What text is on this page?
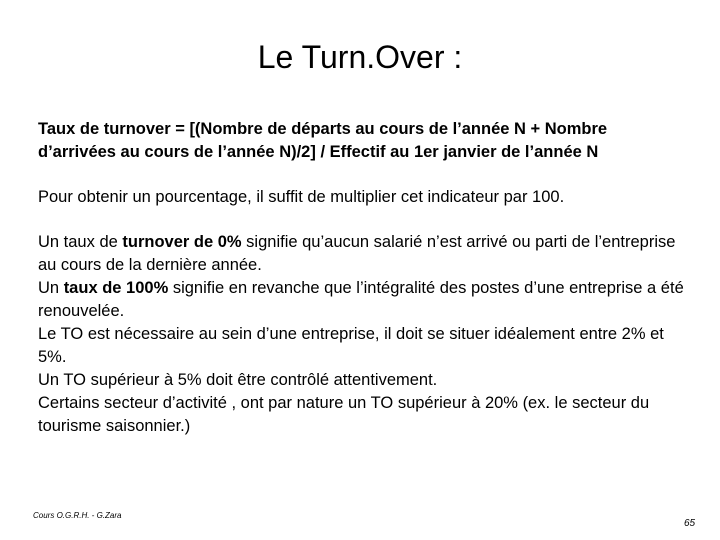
Le Turn.Over :

Taux de turnover = [(Nombre de départs au cours de l’année N + Nombre d’arrivées au cours de l’année N)/2] / Effectif au 1er janvier de l’année N

Pour obtenir un pourcentage, il suffit de multiplier cet indicateur par 100.

Un taux de turnover de 0% signifie qu’aucun salarié n’est arrivé ou parti de l’entreprise au cours de la dernière année.

Un taux de 100% signifie en revanche que l’intégralité des postes d’une entreprise a été renouvelée.

Le TO est nécessaire au sein d’une entreprise, il doit se situer idéalement entre 2% et 5%.

Un TO supérieur à 5% doit être contrôlé attentivement.

Certains secteur d’activité , ont par nature un TO supérieur à 20% (ex. le secteur du tourisme saisonnier.)

Cours O.G.R.H. - G.Zara
65
